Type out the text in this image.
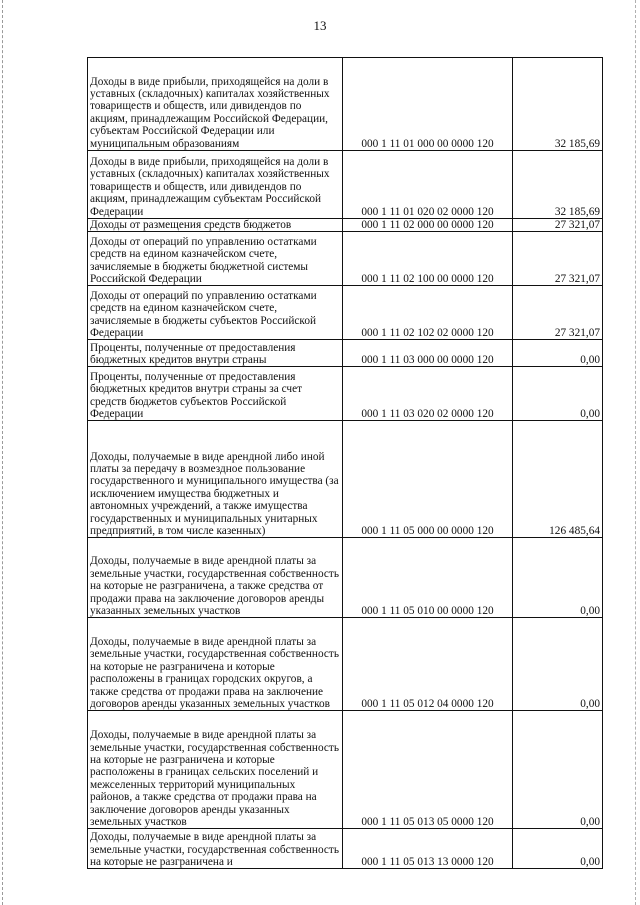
13
Доходы в виде прибыли, приходящейся на доли в уставных (складочных) капиталах хозяйственных товариществ и обществ, или дивидендов по акциям, принадлежащим Российской Федерации, субъектам Российской Федерации или муниципальным образованиям	000 1 11 01 000 00 0000 120	32 185,69
Доходы в виде прибыли, приходящейся на доли в уставных (складочных) капиталах хозяйственных товариществ и обществ, или дивидендов по акциям, принадлежащим субъектам Российской Федерации	000 1 11 01 020 02 0000 120	32 185,69
Доходы от размещения средств бюджетов	000 1 11 02 000 00 0000 120	27 321,07
Доходы от операций по управлению остатками средств на едином казначейском счете, зачисляемые в бюджеты бюджетной системы Российской Федерации	000 1 11 02 100 00 0000 120	27 321,07
Доходы от операций по управлению остатками средств на едином казначейском счете, зачисляемые в бюджеты субъектов Российской Федерации	000 1 11 02 102 02 0000 120	27 321,07
Проценты, полученные от предоставления бюджетных кредитов внутри страны	000 1 11 03 000 00 0000 120	0,00
Проценты, полученные от предоставления бюджетных кредитов внутри страны за счет средств бюджетов субъектов Российской Федерации	000 1 11 03 020 02 0000 120	0,00
Доходы, получаемые в виде арендной либо иной платы за передачу в возмездное пользование государственного и муниципального имущества (за исключением имущества бюджетных и автономных учреждений, а также имущества государственных и муниципальных унитарных предприятий, в том числе казенных)	000 1 11 05 000 00 0000 120	126 485,64
Доходы, получаемые в виде арендной платы за земельные участки, государственная собственность на которые не разграничена, а также средства от продажи права на заключение договоров аренды указанных земельных участков	000 1 11 05 010 00 0000 120	0,00
Доходы, получаемые в виде арендной платы за земельные участки, государственная собственность на которые не разграничена и которые расположены в границах городских округов, а также средства от продажи права на заключение договоров аренды указанных земельных участков	000 1 11 05 012 04 0000 120	0,00
Доходы, получаемые в виде арендной платы за земельные участки, государственная собственность на которые не разграничена и которые расположены в границах сельских поселений и межселенных территорий муниципальных районов, а также средства от продажи права на заключение договоров аренды указанных земельных участков	000 1 11 05 013 05 0000 120	0,00
Доходы, получаемые в виде арендной платы за земельные участки, государственная собственность на которые не разграничена и	000 1 11 05 013 13 0000 120	0,00
